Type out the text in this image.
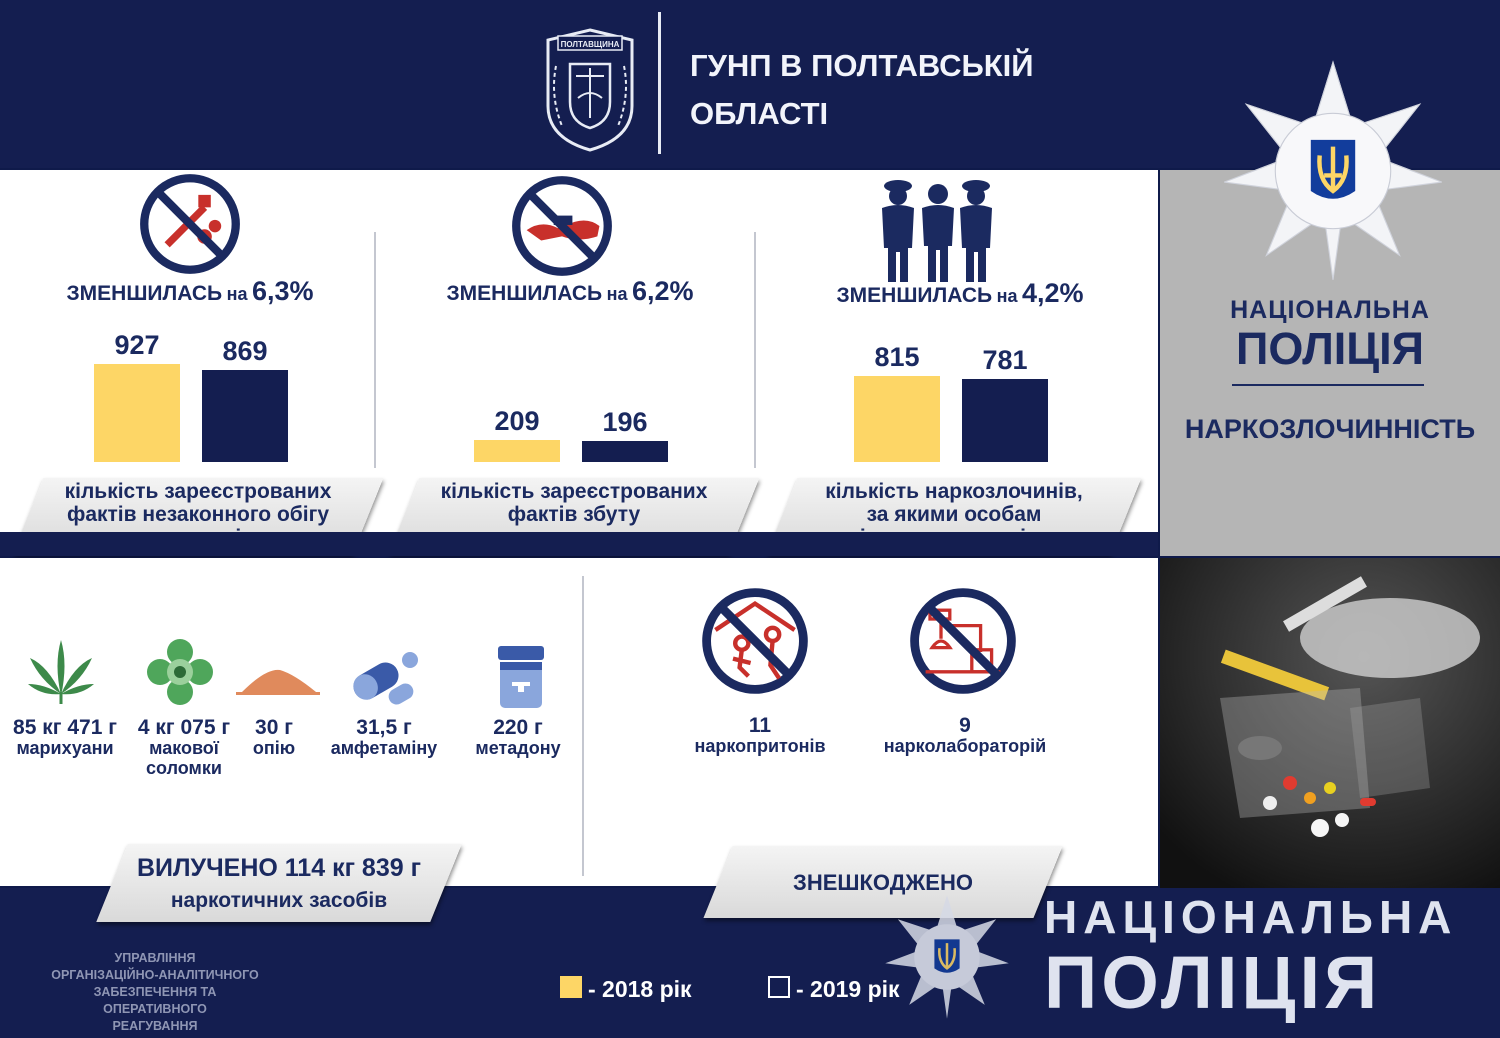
ПОЛТАВЩИНА
ГУНП В ПОЛТАВСЬКІЙ
ОБЛАСТІ
ЗМЕНШИЛАСЬ на 6,3%	ЗМЕНШИЛАСЬ на 6,2%	ЗМЕНШИЛАСЬ на 4,2%
927	869
209	196
815	781
кількість зареєстрованих
фактів незаконного обігу

кількість зареєстрованих
фактів збуту

кількість наркозлочинів,
за якими особам

НАЦІОНАЛЬНА
ПОЛІЦІЯ
НАРКОЗЛОЧИННІСТЬ
85 кг 471 г
марихуани
4 кг 075 г
макової
соломки
30 г
опію
31,5 г
амфетаміну
220 г
метадону
ВИЛУЧЕНО 114 кг 839 г
наркотичних засобів
11
наркопритонів
9
нарколабораторій
ЗНЕШКОДЖЕНО
УПРАВЛІННЯ
ОРГАНІЗАЦІЙНО-АНАЛІТИЧНОГО
ЗАБЕЗПЕЧЕННЯ ТА ОПЕРАТИВНОГО
РЕАГУВАННЯ
- 2018 рік	- 2019 рік
НАЦІОНАЛЬНА
ПОЛІЦІЯ
